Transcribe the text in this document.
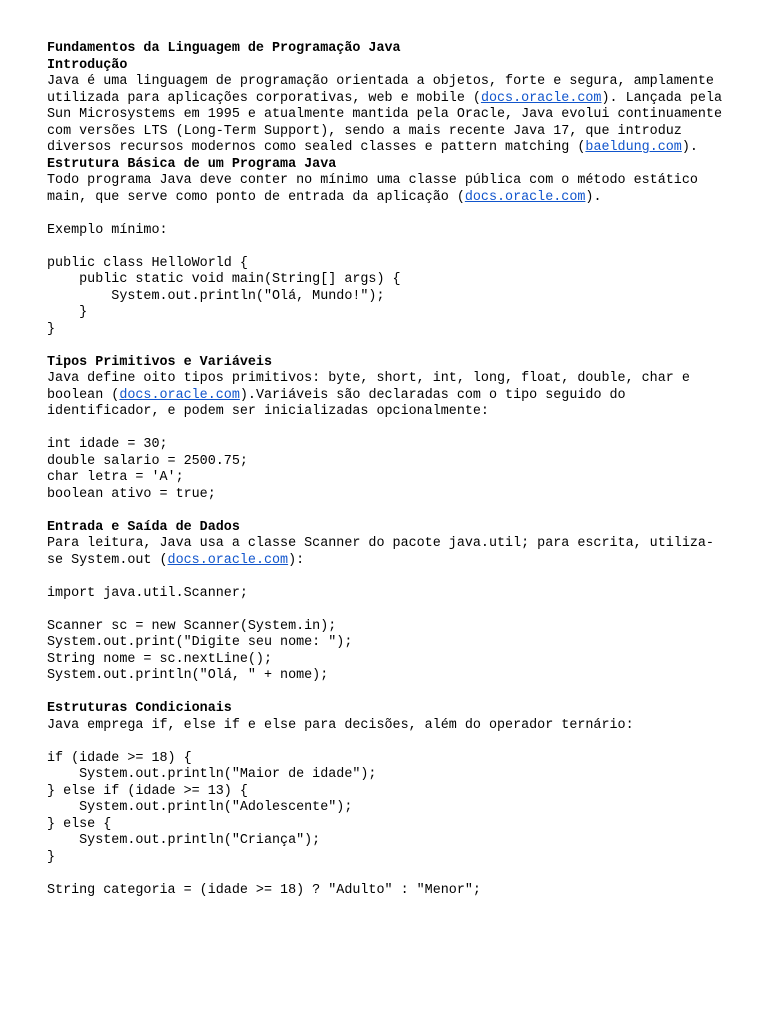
Fundamentos da Linguagem de Programação Java
Introdução

Java é uma linguagem de programação orientada a objetos, forte e segura, amplamente utilizada para aplicações corporativas, web e mobile (docs.oracle.com). Lançada pela Sun Microsystems em 1995 e atualmente mantida pela Oracle, Java evolui continuamente com versões LTS (Long-Term Support), sendo a mais recente Java 17, que introduz diversos recursos modernos como sealed classes e pattern matching (baeldung.com).

Estrutura Básica de um Programa Java

Todo programa Java deve conter no mínimo uma classe pública com o método estático main, que serve como ponto de entrada da aplicação (docs.oracle.com).

Exemplo mínimo:
public class HelloWorld {
public static void main(String[] args) {
System.out.println("Olá, Mundo!");
}
}
Tipos Primitivos e Variáveis

Java define oito tipos primitivos: byte, short, int, long, float, double, char e boolean (docs.oracle.com).Variáveis são declaradas com o tipo seguido do identificador, e podem ser inicializadas opcionalmente:

int idade = 30;
double salario = 2500.75;
char letra = 'A';
boolean ativo = true;
Entrada e Saída de Dados

Para leitura, Java usa a classe Scanner do pacote java.util; para escrita, utiliza-se System.out (docs.oracle.com):

import java.util.Scanner;
Scanner sc = new Scanner(System.in);
System.out.print("Digite seu nome: ");
String nome = sc.nextLine();
System.out.println("Olá, " + nome);
Estruturas Condicionais

Java emprega if, else if e else para decisões, além do operador ternário:

if (idade >= 18) {
System.out.println("Maior de idade");
} else if (idade >= 13) {
System.out.println("Adolescente");
} else {
System.out.println("Criança");
}
String categoria = (idade >= 18) ? "Adulto" : "Menor";
